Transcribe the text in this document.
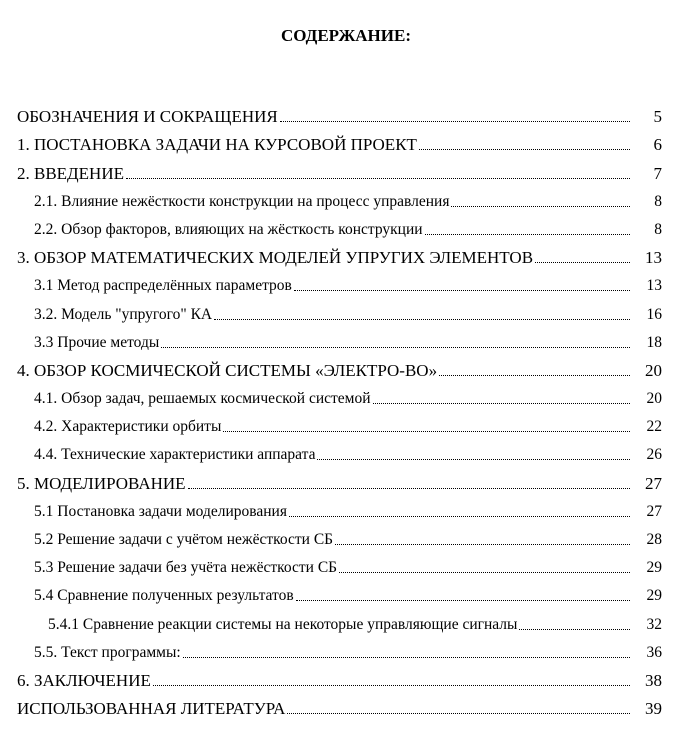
СОДЕРЖАНИЕ:
ОБОЗНАЧЕНИЯ И СОКРАЩЕНИЯ	5
1. ПОСТАНОВКА ЗАДАЧИ НА КУРСОВОЙ ПРОЕКТ	6
2. ВВЕДЕНИЕ	7
2.1. Влияние нежёсткости конструкции на процесс управления	8
2.2. Обзор факторов, влияющих на жёсткость конструкции	8
3. ОБЗОР МАТЕМАТИЧЕСКИХ МОДЕЛЕЙ УПРУГИХ ЭЛЕМЕНТОВ	13
3.1 Метод распределённых параметров	13
3.2. Модель "упругого" КА	16
3.3 Прочие методы	18
4. ОБЗОР КОСМИЧЕСКОЙ СИСТЕМЫ «ЭЛЕКТРО-ВО»	20
4.1. Обзор задач, решаемых космической системой	20
4.2. Характеристики орбиты	22
4.4. Технические характеристики аппарата	26
5. МОДЕЛИРОВАНИЕ	27
5.1 Постановка задачи моделирования	27
5.2 Решение задачи с учётом нежёсткости СБ	28
5.3 Решение задачи без учёта нежёсткости СБ	29
5.4 Сравнение полученных результатов	29
5.4.1 Сравнение реакции системы на некоторые управляющие сигналы	32
5.5. Текст программы:	36
6. ЗАКЛЮЧЕНИЕ	38
ИСПОЛЬЗОВАННАЯ ЛИТЕРАТУРА	39
